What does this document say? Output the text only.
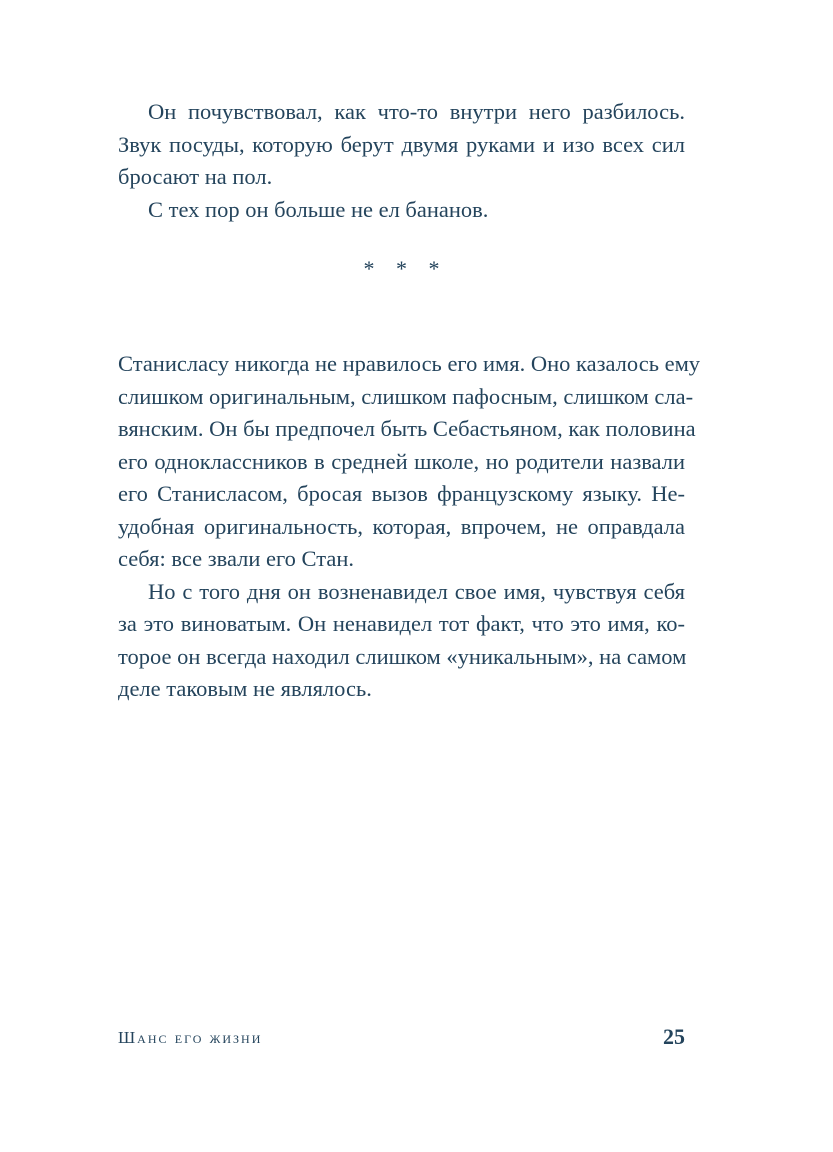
Он почувствовал, как что-то внутри него разбилось.
Звук посуды, которую берут двумя руками и изо всех сил
бросают на пол.
С тех пор он больше не ел бананов.
* * *
Станисласу никогда не нравилось его имя. Оно казалось ему
слишком оригинальным, слишком пафосным, слишком сла-
вянским. Он бы предпочел быть Себастьяном, как половина
его одноклассников в средней школе, но родители назвали
его Станисласом, бросая вызов французскому языку. Не-
удобная оригинальность, которая, впрочем, не оправдала
себя: все звали его Стан.
Но с того дня он возненавидел свое имя, чувствуя себя
за это виноватым. Он ненавидел тот факт, что это имя, ко-
торое он всегда находил слишком «уникальным», на самом
деле таковым не являлось.
Шанс его жизни	25
